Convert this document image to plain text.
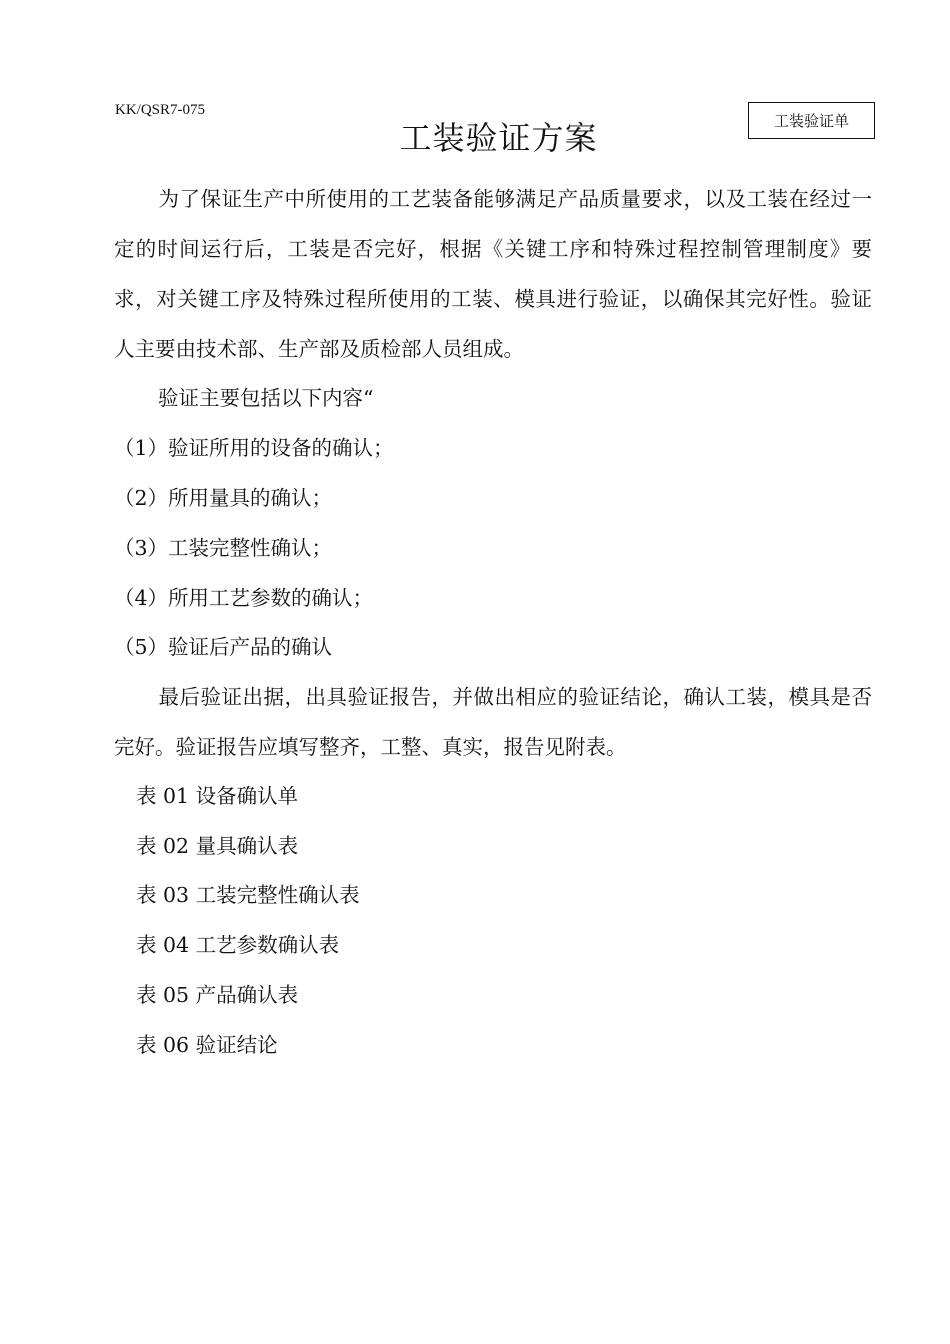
KK/QSR7-075
工装验证单
工装验证方案

为了保证生产中所使用的工艺装备能够满足产品质量要求，以及工装在经过一定的时间运行后，工装是否完好，根据《关键工序和特殊过程控制管理制度》要求，对关键工序及特殊过程所使用的工装、模具进行验证，以确保其完好性。验证人主要由技术部、生产部及质检部人员组成。

验证主要包括以下内容“
（1）验证所用的设备的确认；
（2）所用量具的确认；
（3）工装完整性确认；
（4）所用工艺参数的确认；
（5）验证后产品的确认

最后验证出据，出具验证报告，并做出相应的验证结论，确认工装，模具是否完好。验证报告应填写整齐，工整、真实，报告见附表。

表 01 设备确认单
表 02 量具确认表
表 03 工装完整性确认表
表 04 工艺参数确认表
表 05 产品确认表
表 06 验证结论
